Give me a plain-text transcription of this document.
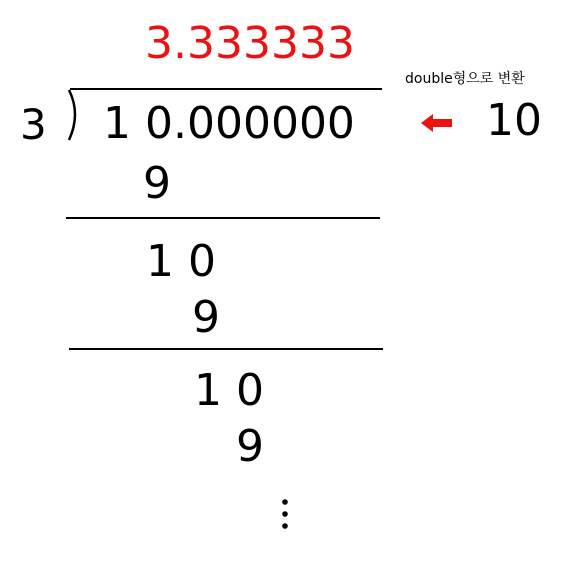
3.333333
3 1 0.000000
9
1 0
9
1 0
9
double형으로 변환
10
